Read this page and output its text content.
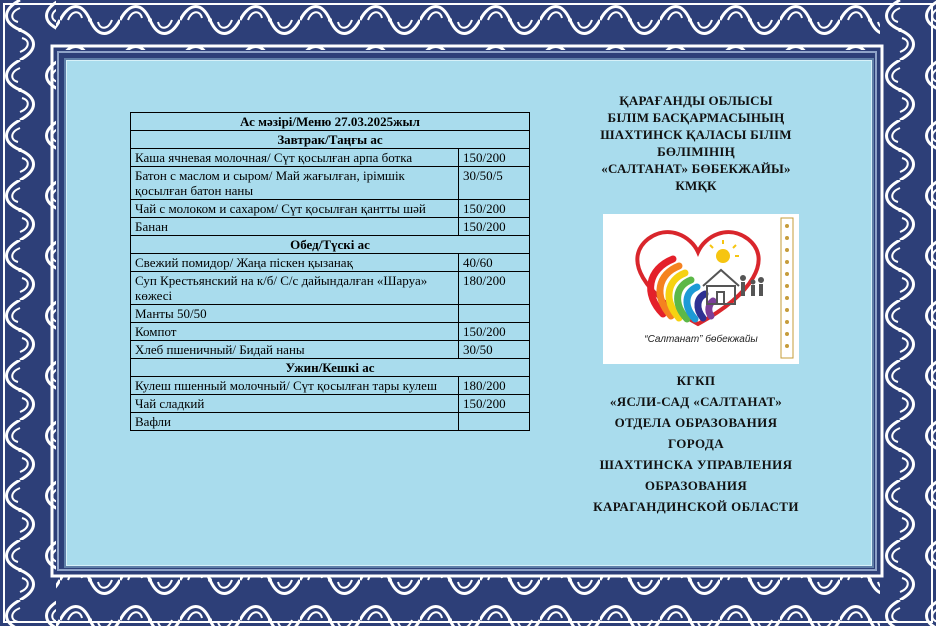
Ас мәзірі/Меню 27.03.2025жыл	
Завтрак/Таңғы ас	
Каша ячневая молочная/ Сүт қосылған арпа ботка	150/200
Батон с маслом и сыром/ Май жағылған, ірімшік қосылған батон наны	30/50/5
Чай с молоком и сахаром/ Сүт қосылған қантты шәй	150/200
Банан	150/200
Обед/Түскі ас	
Свежий помидор/ Жаңа піскен қызанақ	40/60
Суп Крестьянский на к/б/ С/с дайындалған «Шаруа» көжесі	180/200
Манты 50/50	
Компот	150/200
Хлеб пшеничный/ Бидай наны	30/50
Ужин/Кешкі ас	
Кулеш пшенный молочный/ Сүт қосылған тары кулеш	180/200
Чай сладкий	150/200
Вафли	

ҚАРАҒАНДЫ ОБЛЫСЫ

БІЛІМ БАСҚАРМАСЫНЫҢ

ШАХТИНСК ҚАЛАСЫ БІЛІМ

БӨЛІМІНІҢ

«САЛТАНАТ» БӨБЕКЖАЙЫ»

КМҚК

“Салтанат” бөбекжайы

КГКП

«ЯСЛИ-САД «САЛТАНАТ»

ОТДЕЛА ОБРАЗОВАНИЯ

ГОРОДА

ШАХТИНСКА УПРАВЛЕНИЯ

ОБРАЗОВАНИЯ

КАРАГАНДИНСКОЙ ОБЛАСТИ
